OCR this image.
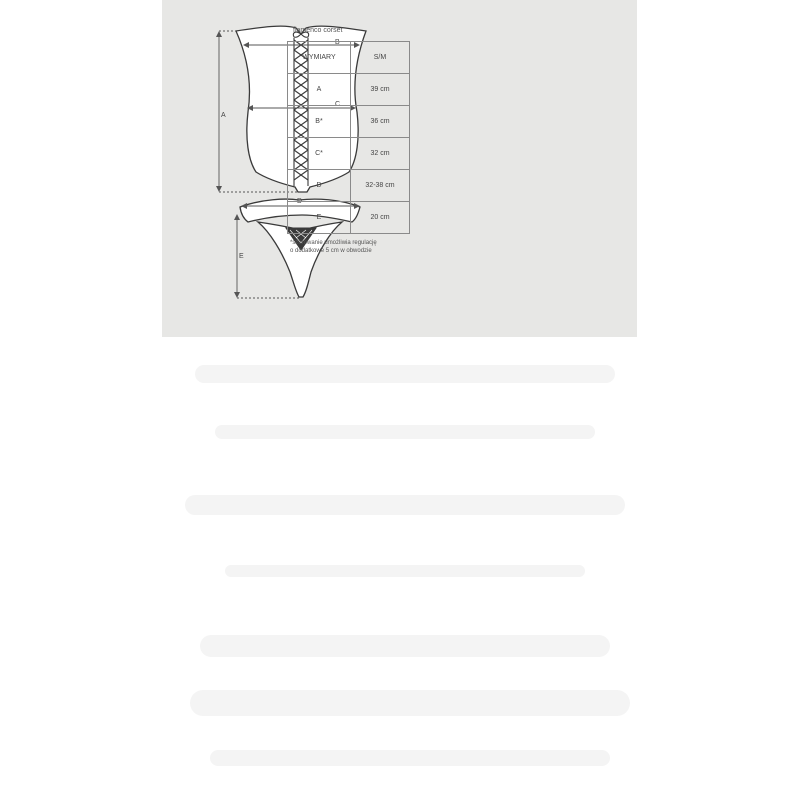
A
B
C
D
E
flamenco corset
WYMIARY	S/M
A	39 cm
B*	36 cm
C*	32 cm
D	32-38 cm
E	20 cm
*szurowanie umożliwia regulację
o dodatkowe 5 cm w obwodzie
